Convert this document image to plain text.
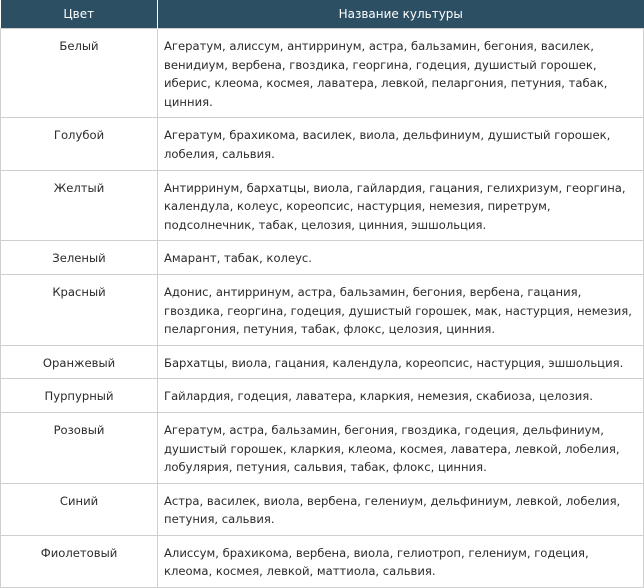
Цвет	Название культуры
Белый	Агератум, алиссум, антирринум, астра, бальзамин, бегония, василек, венидиум, вербена, гвоздика, георгина, годеция, душистый горошек, иберис, клеома, космея, лаватера, левкой, пеларгония, петуния, табак, цинния.
Голубой	Агератум, брахикома, василек, виола, дельфиниум, душистый горошек, лобелия, сальвия.
Желтый	Антирринум, бархатцы, виола, гайлардия, гацания, гелихризум, георгина, календула, колеус, кореопсис, настурция, немезия, пиретрум, подсолнечник, табак, целозия, цинния, эшшольция.
Зеленый	Амарант, табак, колеус.
Красный	Адонис, антирринум, астра, бальзамин, бегония, вербена, гацания, гвоздика, георгина, годеция, душистый горошек, мак, настурция, немезия, пеларгония, петуния, табак, флокс, целозия, цинния.
Оранжевый	Бархатцы, виола, гацания, календула, кореопсис, настурция, эшшольция.
Пурпурный	Гайлардия, годеция, лаватера, кларкия, немезия, скабиоза, целозия.
Розовый	Агератум, астра, бальзамин, бегония, гвоздика, годеция, дельфиниум, душистый горошек, кларкия, клеома, космея, лаватера, левкой, лобелия, лобулярия, петуния, сальвия, табак, флокс, цинния.
Синий	Астра, василек, виола, вербена, гелениум, дельфиниум, левкой, лобелия, петуния, сальвия.
Фиолетовый	Алиссум, брахикома, вербена, виола, гелиотроп, гелениум, годеция, клеома, космея, левкой, маттиола, сальвия.
